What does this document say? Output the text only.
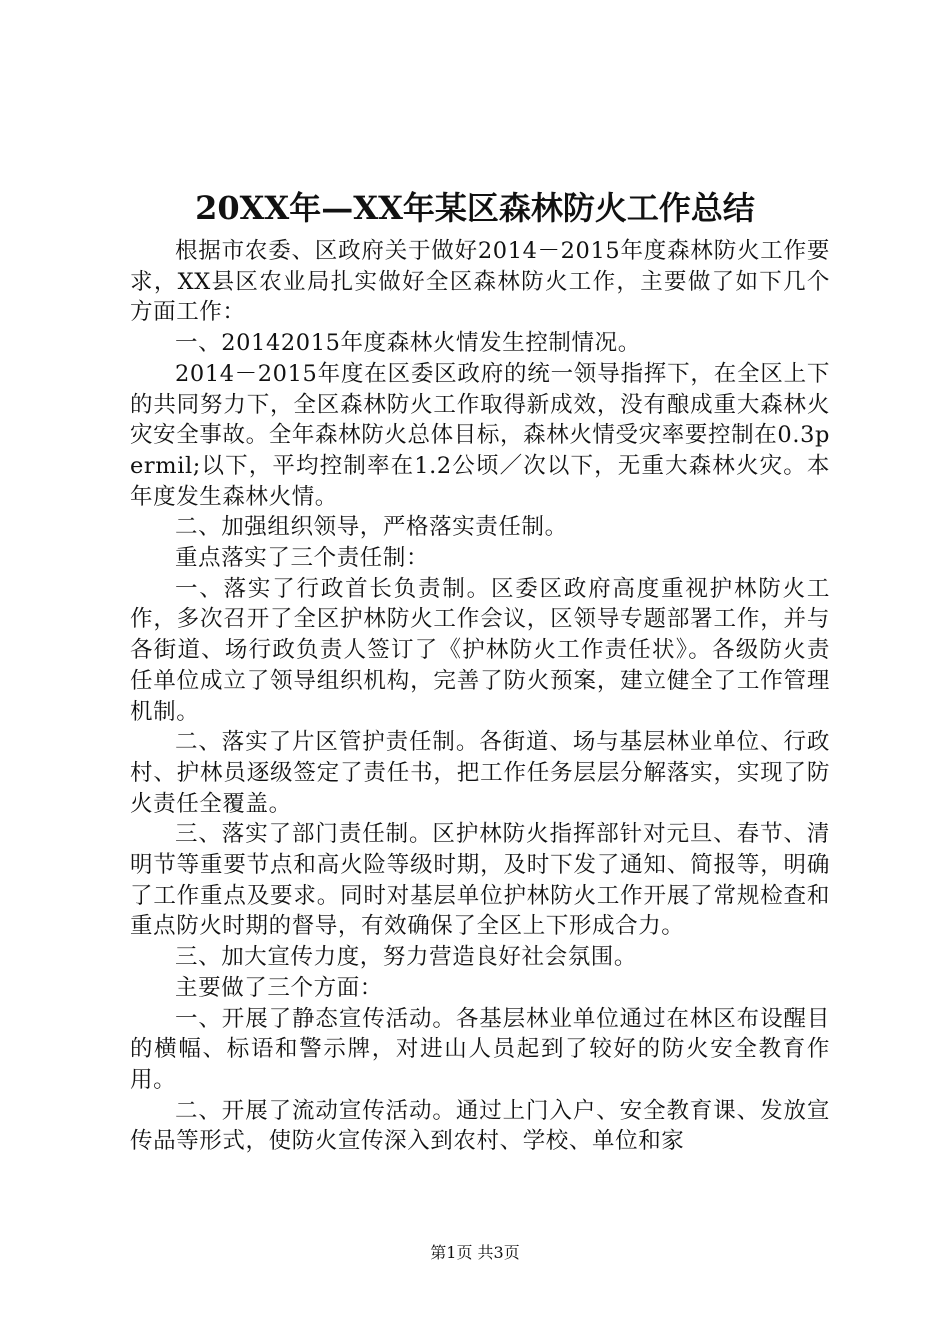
20XX年—XX年某区森林防火工作总结

根据市农委、区政府关于做好2014－2015年度森林防火工作要求，XX县区农业局扎实做好全区森林防火工作，主要做了如下几个方面工作：

一、20142015年度森林火情发生控制情况。

2014－2015年度在区委区政府的统一领导指挥下，在全区上下的共同努力下，全区森林防火工作取得新成效，没有酿成重大森林火灾安全事故。全年森林防火总体目标，森林火情受灾率要控制在0.3permil;以下，平均控制率在1.2公顷／次以下，无重大森林火灾。本年度发生森林火情。

二、加强组织领导，严格落实责任制。

重点落实了三个责任制：

一、落实了行政首长负责制。区委区政府高度重视护林防火工作，多次召开了全区护林防火工作会议，区领导专题部署工作，并与各街道、场行政负责人签订了《护林防火工作责任状》。各级防火责任单位成立了领导组织机构，完善了防火预案，建立健全了工作管理机制。

二、落实了片区管护责任制。各街道、场与基层林业单位、行政村、护林员逐级签定了责任书，把工作任务层层分解落实，实现了防火责任全覆盖。

三、落实了部门责任制。区护林防火指挥部针对元旦、春节、清明节等重要节点和高火险等级时期，及时下发了通知、简报等，明确了工作重点及要求。同时对基层单位护林防火工作开展了常规检查和重点防火时期的督导，有效确保了全区上下形成合力。

三、加大宣传力度，努力营造良好社会氛围。

主要做了三个方面：

一、开展了静态宣传活动。各基层林业单位通过在林区布设醒目的横幅、标语和警示牌，对进山人员起到了较好的防火安全教育作用。

二、开展了流动宣传活动。通过上门入户、安全教育课、发放宣传品等形式，使防火宣传深入到农村、学校、单位和家

第1页 共3页
